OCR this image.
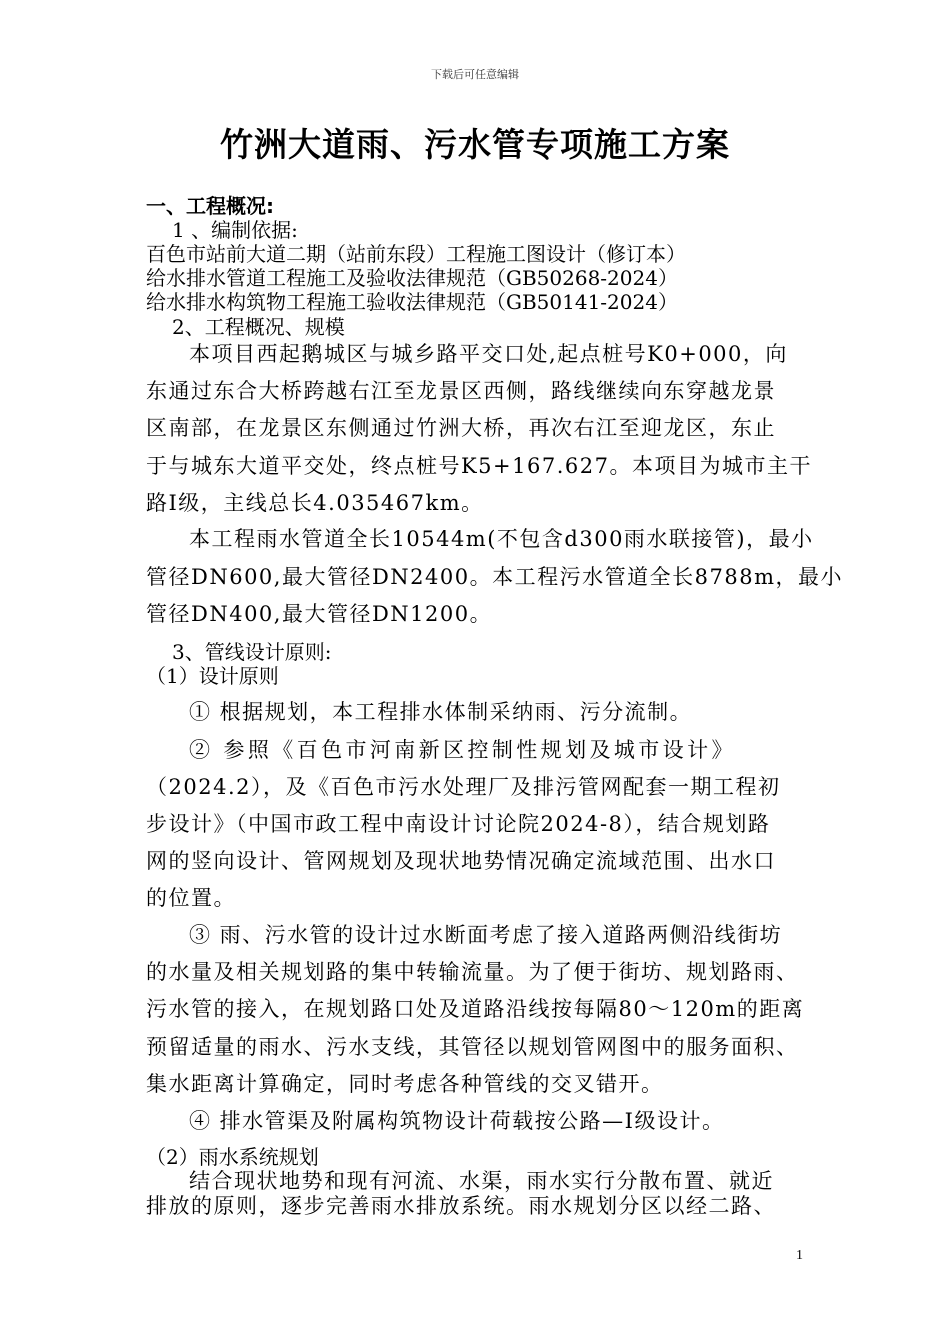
下载后可任意编辑
竹洲大道雨、污水管专项施工方案
一、工程概况:
1 、编制依据:
百色市站前大道二期（站前东段）工程施工图设计（修订本）
给水排水管道工程施工及验收法律规范（GB50268-2024）
给水排水构筑物工程施工验收法律规范（GB50141-2024）
2、工程概况、规模
本项目西起鹅城区与城乡路平交口处,起点桩号K0+000，向
东通过东合大桥跨越右江至龙景区西侧，路线继续向东穿越龙景
区南部，在龙景区东侧通过竹洲大桥，再次右江至迎龙区，东止
于与城东大道平交处，终点桩号K5+167.627。本项目为城市主干
路Ⅰ级，主线总长4.035467km。
本工程雨水管道全长10544m(不包含d300雨水联接管)，最小
管径DN600,最大管径DN2400。本工程污水管道全长8788m，最小
管径DN400,最大管径DN1200。
3、管线设计原则:
（1）设计原则
① 根据规划，本工程排水体制采纳雨、污分流制。
② 参照《百色市河南新区控制性规划及城市设计》
（2024.2），及《百色市污水处理厂及排污管网配套一期工程初
步设计》（中国市政工程中南设计讨论院2024-8），结合规划路
网的竖向设计、管网规划及现状地势情况确定流域范围、出水口
的位置。
③ 雨、污水管的设计过水断面考虑了接入道路两侧沿线街坊
的水量及相关规划路的集中转输流量。为了便于街坊、规划路雨、
污水管的接入，在规划路口处及道路沿线按每隔80～120m的距离
预留适量的雨水、污水支线，其管径以规划管网图中的服务面积、
集水距离计算确定，同时考虑各种管线的交叉错开。
④ 排水管渠及附属构筑物设计荷载按公路—Ⅰ级设计。
（2）雨水系统规划
结合现状地势和现有河流、水渠，雨水实行分散布置、就近
排放的原则，逐步完善雨水排放系统。雨水规划分区以经二路、
1
